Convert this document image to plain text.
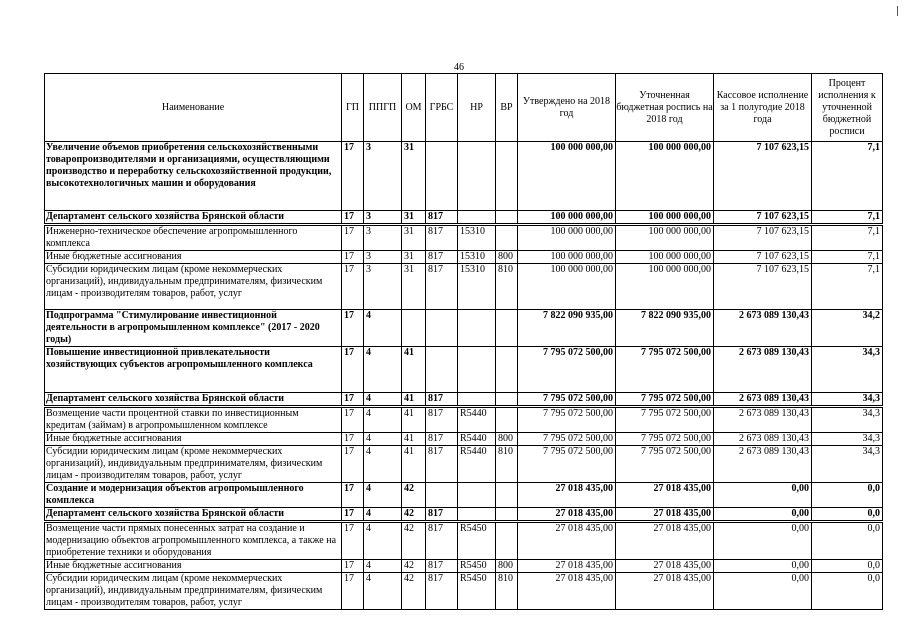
46
Наименование	ГП	ППГП	ОМ	ГРБС	НР	ВР	Утверждено на 2018 год	Уточненная бюджетная роспись на 2018 год	Кассовое исполнение за 1 полугодие 2018 года	Процент исполнения к уточненной бюджетной росписи
Увеличение объемов приобретения сельскохозяйственными товаропроизводителями и организациями, осуществляющими производство и переработку сельскохозяйственной продукции, высокотехнологичных машин и оборудования	17	3	31				100 000 000,00	100 000 000,00	7 107 623,15	7,1
Департамент сельского хозяйства Брянской области	17	3	31	817			100 000 000,00	100 000 000,00	7 107 623,15	7,1
Инженерно-техническое обеспечение агропромышленного комплекса	17	3	31	817	15310		100 000 000,00	100 000 000,00	7 107 623,15	7,1
Иные бюджетные ассигнования	17	3	31	817	15310	800	100 000 000,00	100 000 000,00	7 107 623,15	7,1
Субсидии юридическим лицам (кроме некоммерческих организаций), индивидуальным предпринимателям, физическим лицам - производителям товаров, работ, услуг	17	3	31	817	15310	810	100 000 000,00	100 000 000,00	7 107 623,15	7,1
Подпрограмма "Стимулирование инвестиционной деятельности в агропромышленном комплексе" (2017 - 2020 годы)	17	4					7 822 090 935,00	7 822 090 935,00	2 673 089 130,43	34,2
Повышение инвестиционной привлекательности хозяйствующих субъектов агропромышленного комплекса	17	4	41				7 795 072 500,00	7 795 072 500,00	2 673 089 130,43	34,3
Департамент сельского хозяйства Брянской области	17	4	41	817			7 795 072 500,00	7 795 072 500,00	2 673 089 130,43	34,3
Возмещение части процентной ставки по инвестиционным кредитам (займам) в агропромышленном комплексе	17	4	41	817	R5440		7 795 072 500,00	7 795 072 500,00	2 673 089 130,43	34,3
Иные бюджетные ассигнования	17	4	41	817	R5440	800	7 795 072 500,00	7 795 072 500,00	2 673 089 130,43	34,3
Субсидии юридическим лицам (кроме некоммерческих организаций), индивидуальным предпринимателям, физическим лицам - производителям товаров, работ, услуг	17	4	41	817	R5440	810	7 795 072 500,00	7 795 072 500,00	2 673 089 130,43	34,3
Создание и модернизация объектов агропромышленного комплекса	17	4	42				27 018 435,00	27 018 435,00	0,00	0,0
Департамент сельского хозяйства Брянской области	17	4	42	817			27 018 435,00	27 018 435,00	0,00	0,0
Возмещение части прямых понесенных затрат на создание и модернизацию объектов агропромышленного комплекса, а также на приобретение техники и оборудования	17	4	42	817	R5450		27 018 435,00	27 018 435,00	0,00	0,0
Иные бюджетные ассигнования	17	4	42	817	R5450	800	27 018 435,00	27 018 435,00	0,00	0,0
Субсидии юридическим лицам (кроме некоммерческих организаций), индивидуальным предпринимателям, физическим лицам - производителям товаров, работ, услуг	17	4	42	817	R5450	810	27 018 435,00	27 018 435,00	0,00	0,0
